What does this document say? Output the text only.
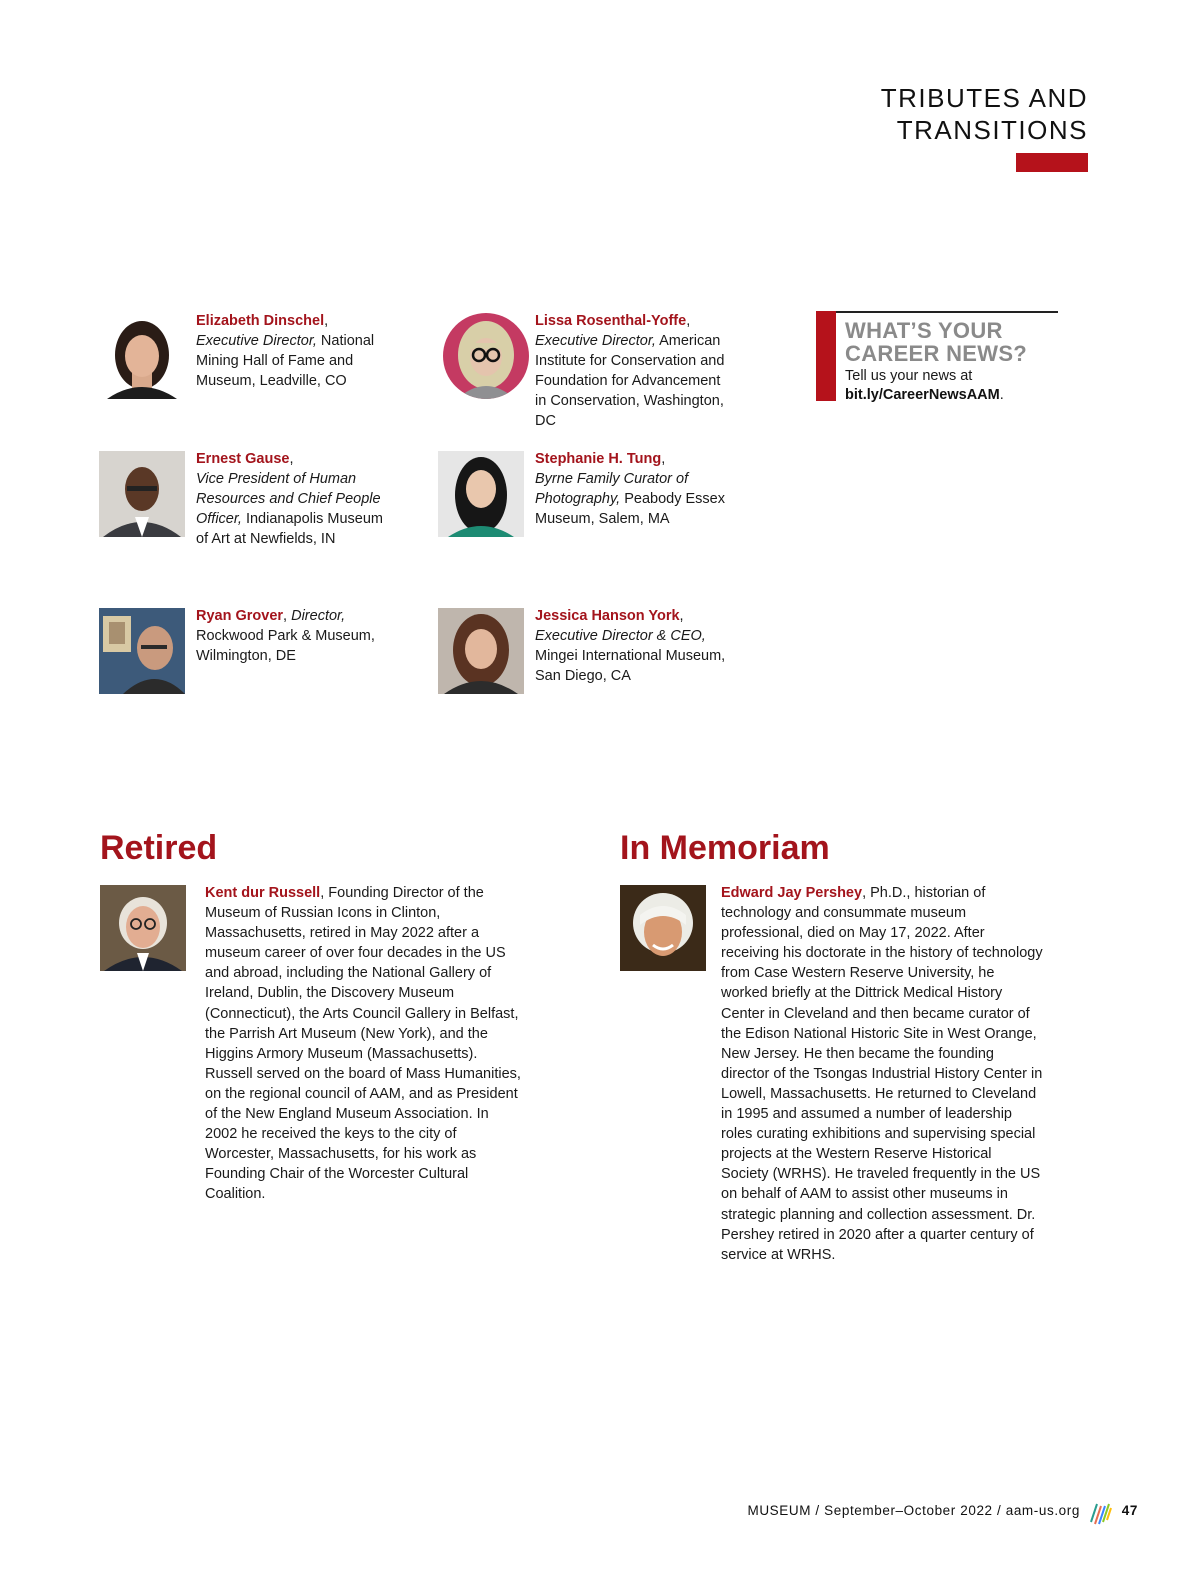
TRIBUTES AND
TRANSITIONS
Elizabeth Dinschel,
Executive Director, National Mining Hall of Fame and Museum, Leadville, CO
Lissa Rosenthal-Yoffe,
Executive Director, American Institute for Conservation and Foundation for Advancement in Conservation, Washington, DC
Ernest Gause,
Vice President of Human Resources and Chief People Officer, Indianapolis Museum of Art at Newfields, IN
Stephanie H. Tung,
Byrne Family Curator of Photography, Peabody Essex Museum, Salem, MA
Ryan Grover, Director,
Rockwood Park & Museum, Wilmington, DE
Jessica Hanson York,
Executive Director & CEO, Mingei International Museum, San Diego, CA
WHAT’S YOUR
CAREER NEWS?
Tell us your news at
bit.ly/CareerNewsAAM.
Retired
Kent dur Russell, Founding Director of the Museum of Russian Icons in Clinton, Massachusetts, retired in May 2022 after a museum career of over four decades in the US and abroad, including the National Gallery of Ireland, Dublin, the Discovery Museum (Connecticut), the Arts Council Gallery in Belfast, the Parrish Art Museum (New York), and the Higgins Armory Museum (Massachusetts). Russell served on the board of Mass Humanities, on the regional council of AAM, and as President of the New England Museum Association. In 2002 he received the keys to the city of Worcester, Massachusetts, for his work as Founding Chair of the Worcester Cultural Coalition.
In Memoriam
Edward Jay Pershey, Ph.D., historian of technology and consummate museum professional, died on May 17, 2022. After receiving his doctorate in the history of technology from Case Western Reserve University, he worked briefly at the Dittrick Medical History Center in Cleveland and then became curator of the Edison National Historic Site in West Orange, New Jersey. He then became the founding director of the Tsongas Industrial History Center in Lowell, Massachusetts. He returned to Cleveland in 1995 and assumed a number of leadership roles curating exhibitions and supervising special projects at the Western Reserve Historical Society (WRHS). He traveled frequently in the US on behalf of AAM to assist other museums in strategic planning and collection assessment. Dr. Pershey retired in 2020 after a quarter century of service at WRHS.
MUSEUM / September–October 2022 / aam-us.org	47
